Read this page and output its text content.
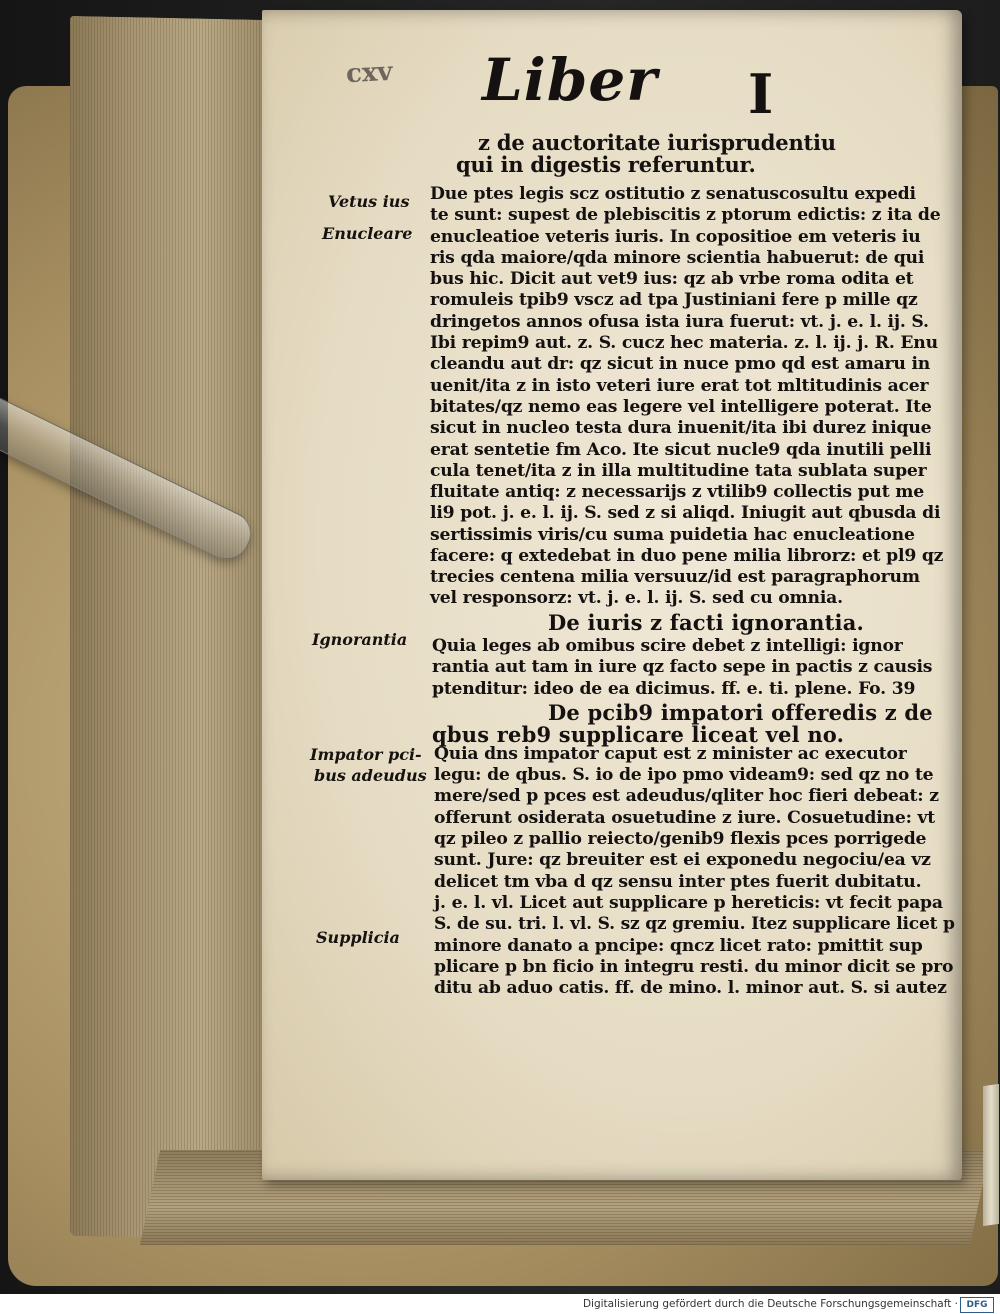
cxv Liber I
z de auctoritate iurisprudentiu
qui in digestis referuntur.
Due ptes legis scz ostitutio z senatuscosultu expedi
te sunt: supest de plebiscitis z ptorum edictis: z ita de
enucleatioe veteris iuris. In copositioe em veteris iu
ris qda maiore/qda minore scientia habuerut: de qui
bus hic. Dicit aut vet9 ius: qz ab vrbe roma odita et
romuleis tpib9 vscz ad tpa Justiniani fere p mille qz
dringetos annos ofusa ista iura fuerut: vt. j. e. l. ij. S.
Ibi repim9 aut. z. S. cucz hec materia. z. l. ij. j. R. Enu
cleandu aut dr: qz sicut in nuce pmo qd est amaru in
uenit/ita z in isto veteri iure erat tot mltitudinis acer
bitates/qz nemo eas legere vel intelligere poterat. Ite
sicut in nucleo testa dura inuenit/ita ibi durez inique
erat sentetie fm Aco. Ite sicut nucle9 qda inutili pelli
cula tenet/ita z in illa multitudine tata sublata super
fluitate antiq: z necessarijs z vtilib9 collectis put me
li9 pot. j. e. l. ij. S. sed z si aliqd. Iniugit aut qbusda di
sertissimis viris/cu suma puidetia hac enucleatione
facere: q extedebat in duo pene milia librorz: et pl9 qz
trecies centena milia versuuz/id est paragraphorum
vel responsorz: vt. j. e. l. ij. S. sed cu omnia.
De iuris z facti ignorantia.
Quia leges ab omibus scire debet z intelligi: ignor
rantia aut tam in iure qz facto sepe in pactis z causis
ptenditur: ideo de ea dicimus. ff. e. ti. plene. Fo. 39
De pcib9 impatori offeredis z de
qbus reb9 supplicare liceat vel no.
Quia dns impator caput est z minister ac executor
legu: de qbus. S. io de ipo pmo videam9: sed qz no te
mere/sed p pces est adeudus/qliter hoc fieri debeat: z
offerunt osiderata osuetudine z iure. Cosuetudine: vt
qz pileo z pallio reiecto/genib9 flexis pces porrigede
sunt. Jure: qz breuiter est ei exponedu negociu/ea vz
delicet tm vba d qz sensu inter ptes fuerit dubitatu.
j. e. l. vl. Licet aut supplicare p hereticis: vt fecit papa
S. de su. tri. l. vl. S. sz qz gremiu. Itez supplicare licet p
minore danato a pncipe: qncz licet rato: pmittit sup
plicare p bn ficio in integru resti. du minor dicit se pro
ditu ab aduo catis. ff. de mino. l. minor aut. S. si autez
Vetus ius
Enucleare
Ignorantia
Impator pci-
bus adeudus
Supplicia
Digitalisierung gefördert durch die Deutsche Forschungsgemeinschaft · DFG
